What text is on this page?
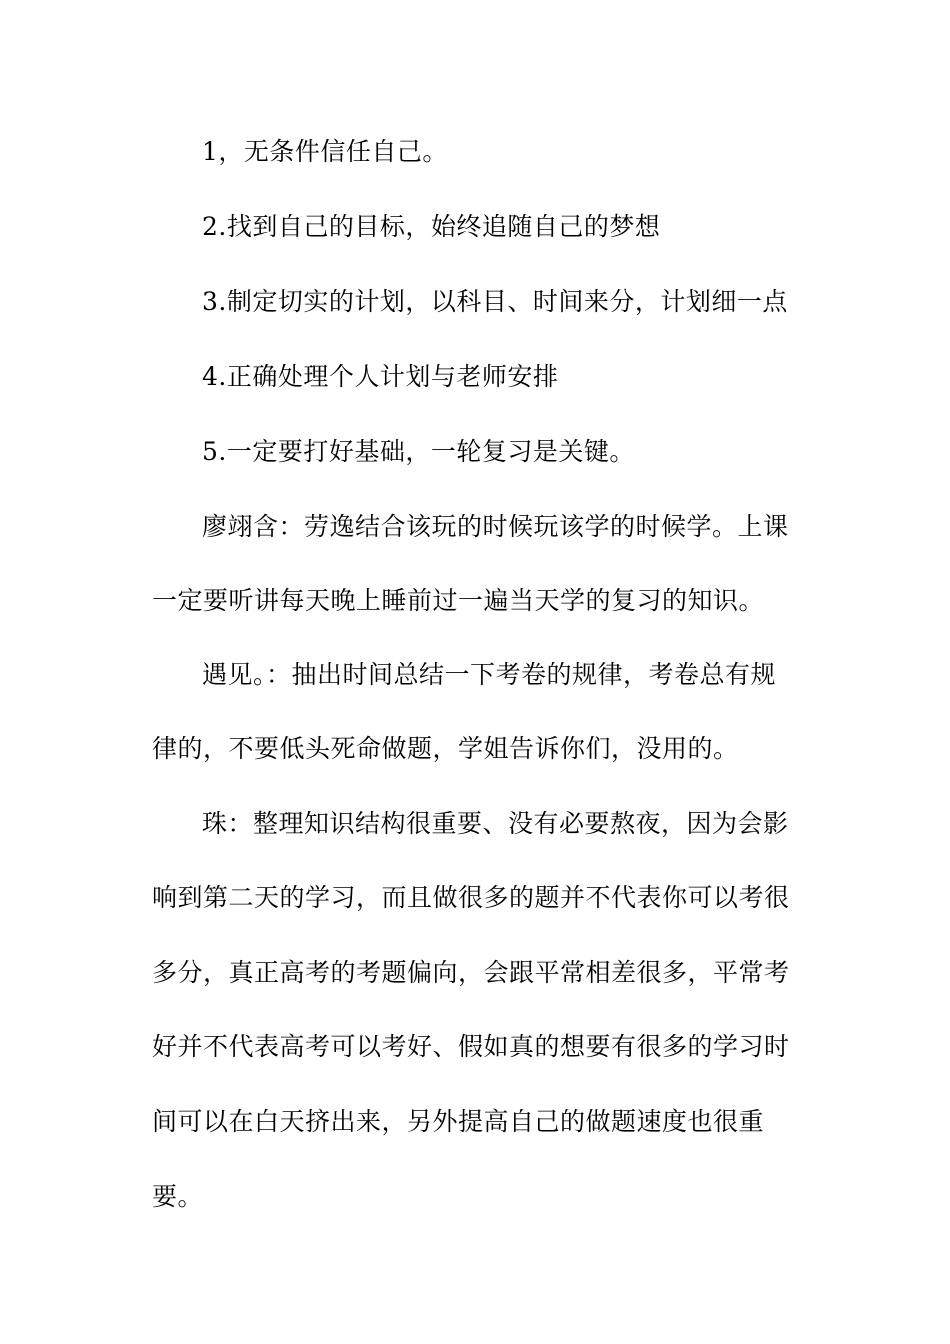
1，无条件信任自己。
2.找到自己的目标，始终追随自己的梦想
3.制定切实的计划，以科目、时间来分，计划细一点
4.正确处理个人计划与老师安排
5.一定要打好基础，一轮复习是关键。
廖翊含：劳逸结合该玩的时候玩该学的时候学。上课
一定要听讲每天晚上睡前过一遍当天学的复习的知识。
遇见。：抽出时间总结一下考卷的规律，考卷总有规
律的，不要低头死命做题，学姐告诉你们，没用的。
珠：整理知识结构很重要、没有必要熬夜，因为会影
响到第二天的学习，而且做很多的题并不代表你可以考很
多分，真正高考的考题偏向，会跟平常相差很多，平常考
好并不代表高考可以考好、假如真的想要有很多的学习时
间可以在白天挤出来，另外提高自己的做题速度也很重
要。
